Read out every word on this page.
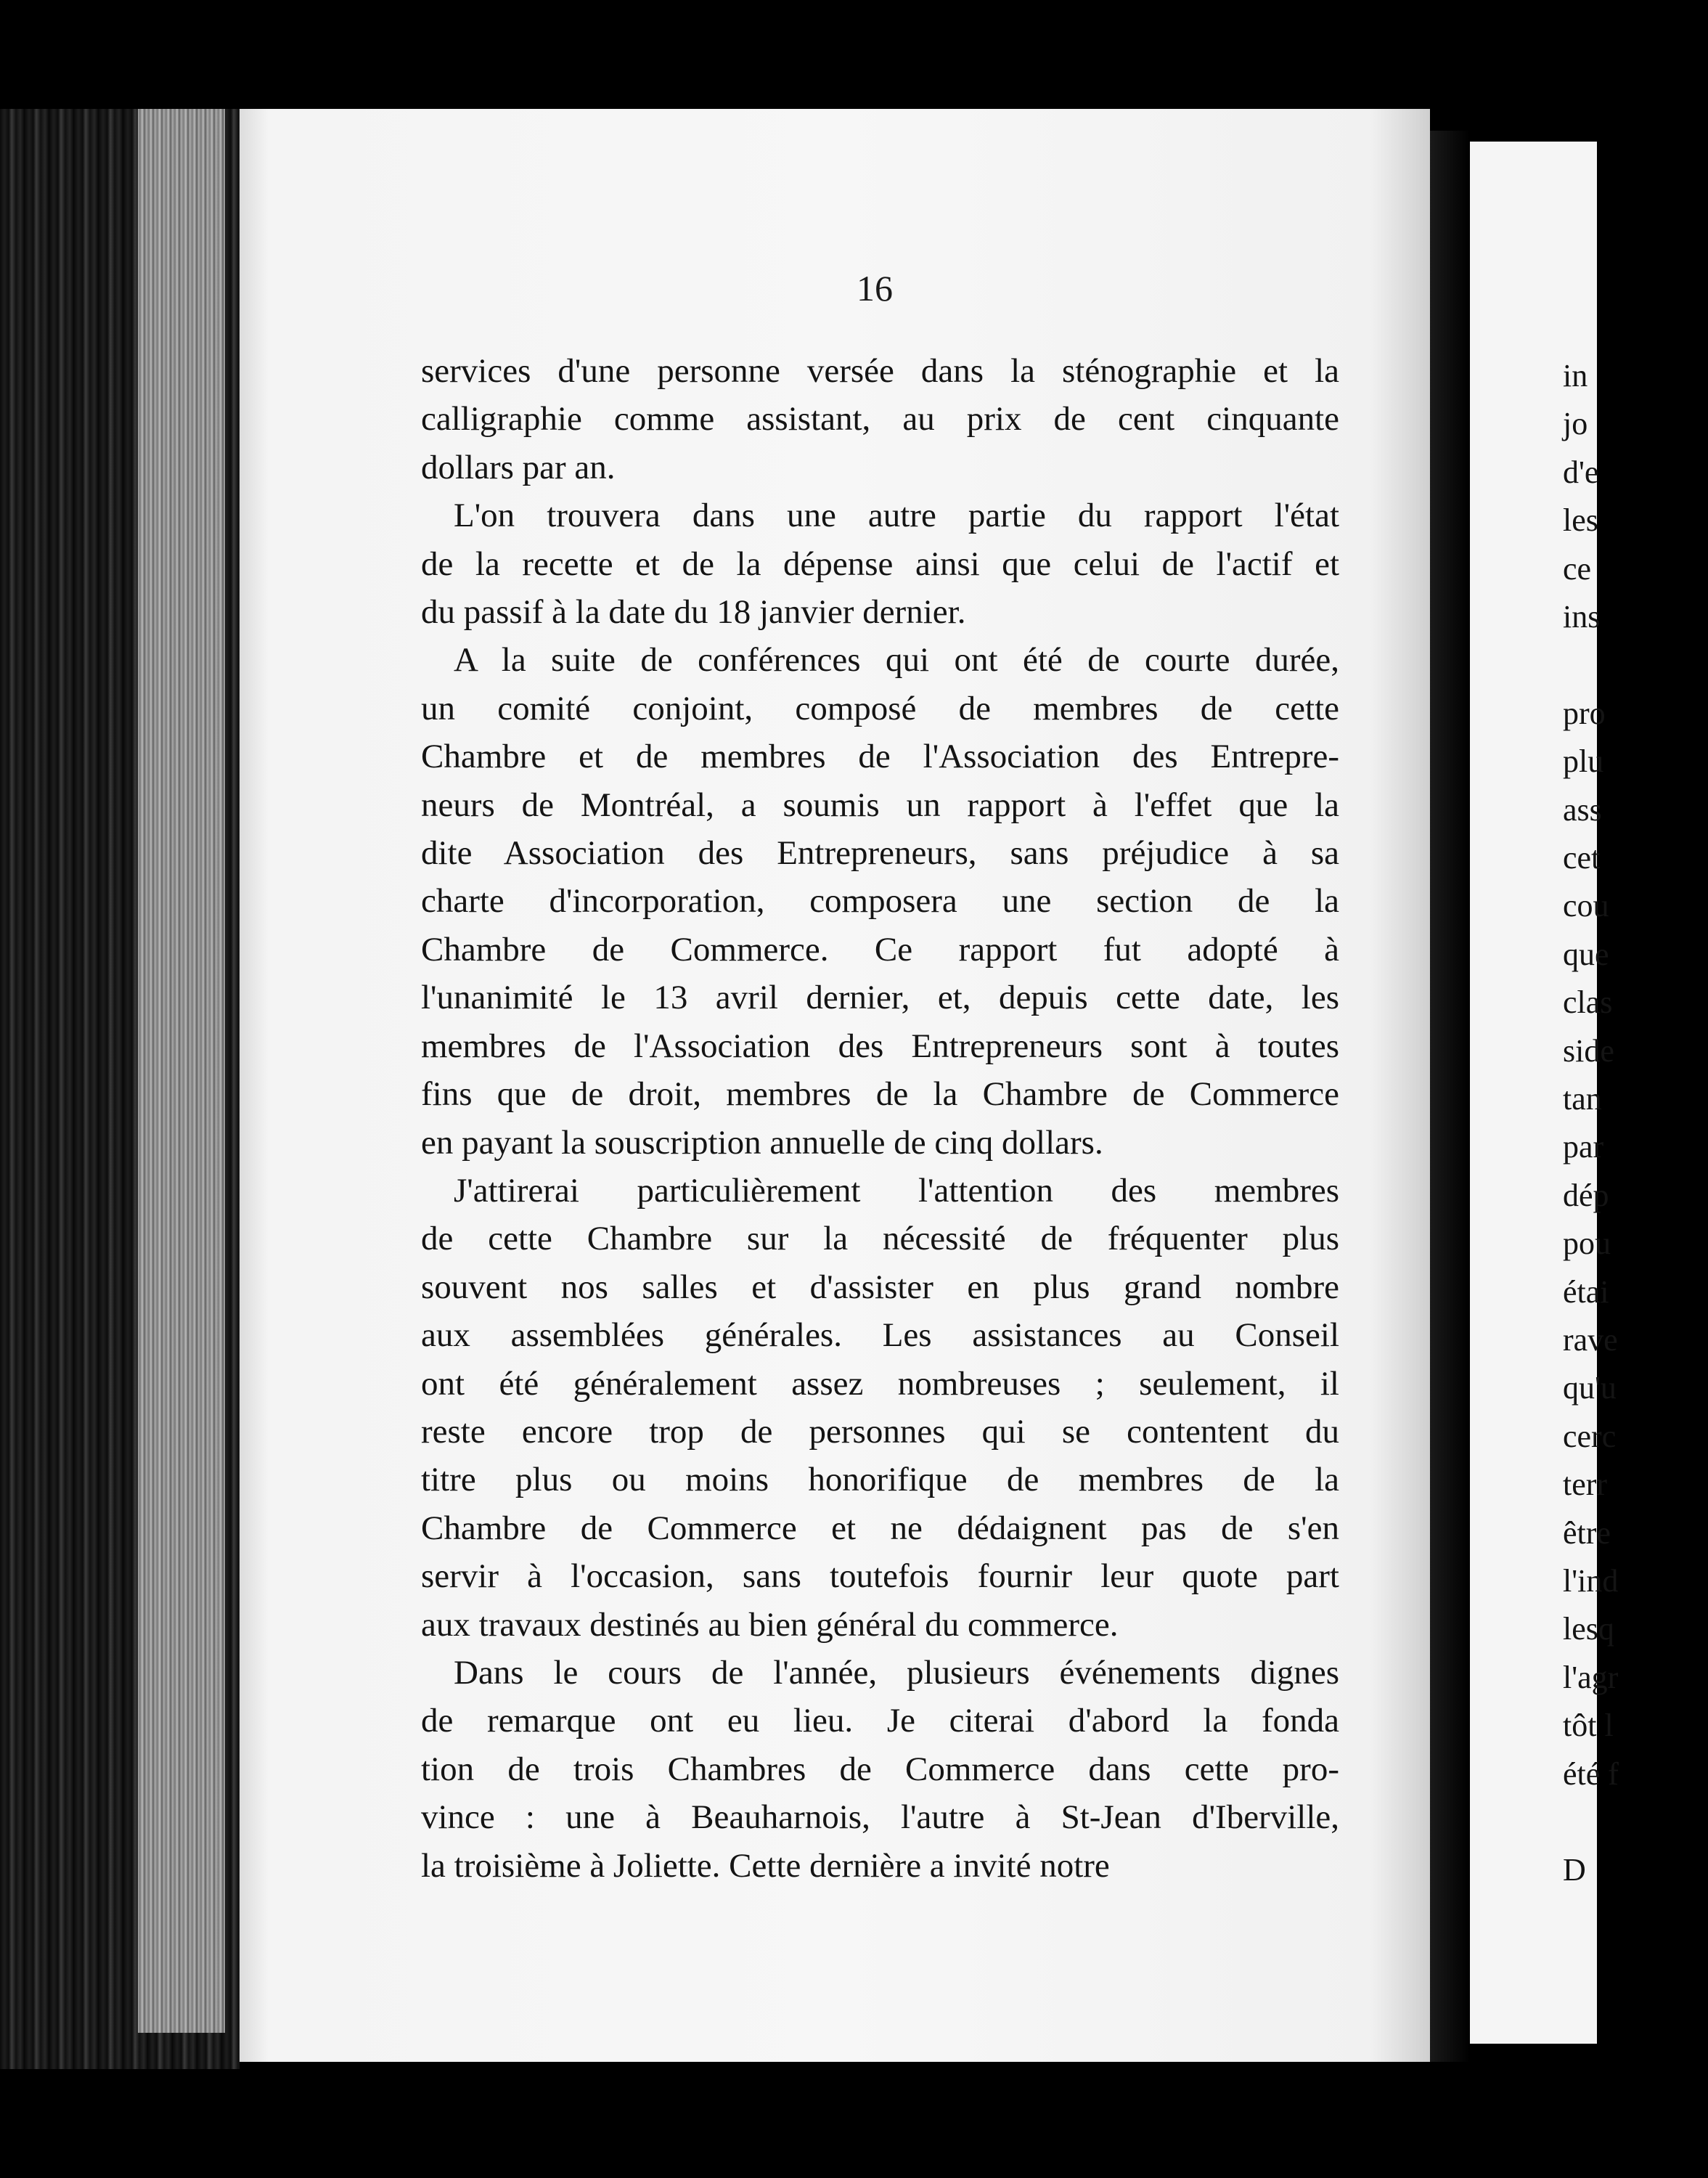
16

services d'une personne versée dans la sténographie et la
calligraphie comme assistant, au prix de cent cinquante
dollars par an.

L'on trouvera dans une autre partie du rapport l'état
de la recette et de la dépense ainsi que celui de l'actif et
du passif à la date du 18 janvier dernier.

A la suite de conférences qui ont été de courte durée,
un comité conjoint, composé de membres de cette
Chambre et de membres de l'Association des Entrepre-
neurs de Montréal, a soumis un rapport à l'effet que la
dite Association des Entrepreneurs, sans préjudice à sa
charte d'incorporation, composera une section de la
Chambre de Commerce. Ce rapport fut adopté à
l'unanimité le 13 avril dernier, et, depuis cette date, les
membres de l'Association des Entrepreneurs sont à toutes
fins que de droit, membres de la Chambre de Commerce
en payant la souscription annuelle de cinq dollars.

J'attirerai particulièrement l'attention des membres
de cette Chambre sur la nécessité de fréquenter plus
souvent nos salles et d'assister en plus grand nombre
aux assemblées générales. Les assistances au Conseil
ont été généralement assez nombreuses ; seulement, il
reste encore trop de personnes qui se contentent du
titre plus ou moins honorifique de membres de la
Chambre de Commerce et ne dédaignent pas de s'en
servir à l'occasion, sans toutefois fournir leur quote part
aux travaux destinés au bien général du commerce.

Dans le cours de l'année, plusieurs événements dignes
de remarque ont eu lieu. Je citerai d'abord la fonda
tion de trois Chambres de Commerce dans cette pro-
vince : une à Beauharnois, l'autre à St-Jean d'Iberville,
la troisième à Joliette. Cette dernière a invité notre

in
jo
d'e
les
ce
ins
pro
plu
ass
cet
cou
que
clas
side
tan
par
dép
pou
étai
rave
qu'u
cerc
terr
être
l'ind
lesq
l'agr
tôt l
été f
D
